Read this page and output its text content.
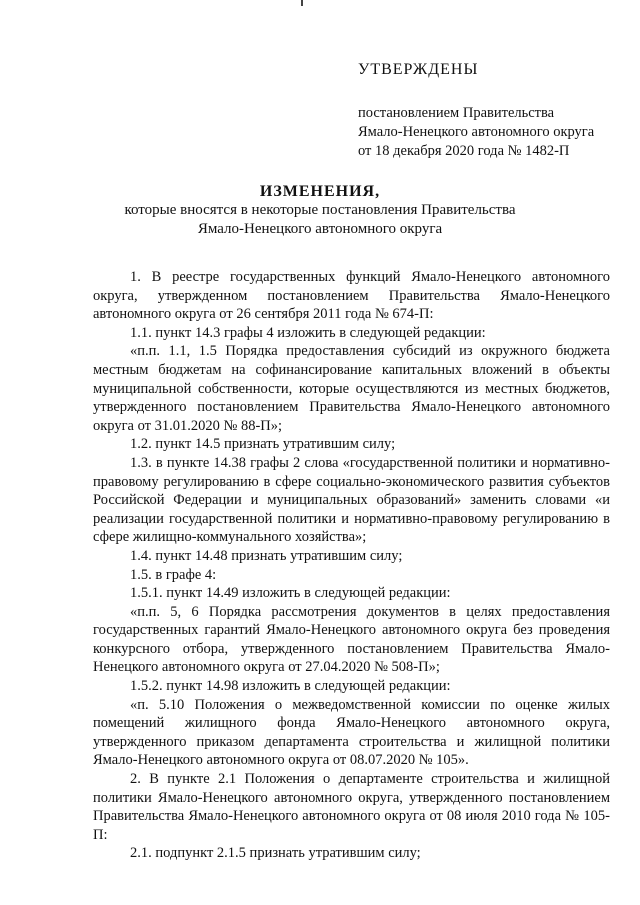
УТВЕРЖДЕНЫ
постановлением Правительства
Ямало-Ненецкого автономного округа
от 18 декабря 2020 года № 1482-П
ИЗМЕНЕНИЯ,
которые вносятся в некоторые постановления Правительства
Ямало-Ненецкого автономного округа

1. В реестре государственных функций Ямало-Ненецкого автономного округа, утвержденном постановлением Правительства Ямало-Ненецкого автономного округа от 26 сентября 2011 года № 674-П:

1.1. пункт 14.3 графы 4 изложить в следующей редакции:

«п.п. 1.1, 1.5 Порядка предоставления субсидий из окружного бюджета местным бюджетам на софинансирование капитальных вложений в объекты муниципальной собственности, которые осуществляются из местных бюджетов, утвержденного постановлением Правительства Ямало-Ненецкого автономного округа от 31.01.2020 № 88-П»;

1.2. пункт 14.5 признать утратившим силу;

1.3. в пункте 14.38 графы 2 слова «государственной политики и нормативно-правовому регулированию в сфере социально-экономического развития субъектов Российской Федерации и муниципальных образований» заменить словами «и реализации государственной политики и нормативно-правовому регулированию в сфере жилищно-коммунального хозяйства»;

1.4. пункт 14.48 признать утратившим силу;

1.5. в графе 4:

1.5.1. пункт 14.49 изложить в следующей редакции:

«п.п. 5, 6 Порядка рассмотрения документов в целях предоставления государственных гарантий Ямало-Ненецкого автономного округа без проведения конкурсного отбора, утвержденного постановлением Правительства Ямало-Ненецкого автономного округа от 27.04.2020 № 508-П»;

1.5.2. пункт 14.98 изложить в следующей редакции:

«п. 5.10 Положения о межведомственной комиссии по оценке жилых помещений жилищного фонда Ямало-Ненецкого автономного округа, утвержденного приказом департамента строительства и жилищной политики Ямало-Ненецкого автономного округа от 08.07.2020 № 105».

2. В пункте 2.1 Положения о департаменте строительства и жилищной политики Ямало-Ненецкого автономного округа, утвержденного постановлением Правительства Ямало-Ненецкого автономного округа от 08 июля 2010 года № 105-П:

2.1. подпункт 2.1.5 признать утратившим силу;
